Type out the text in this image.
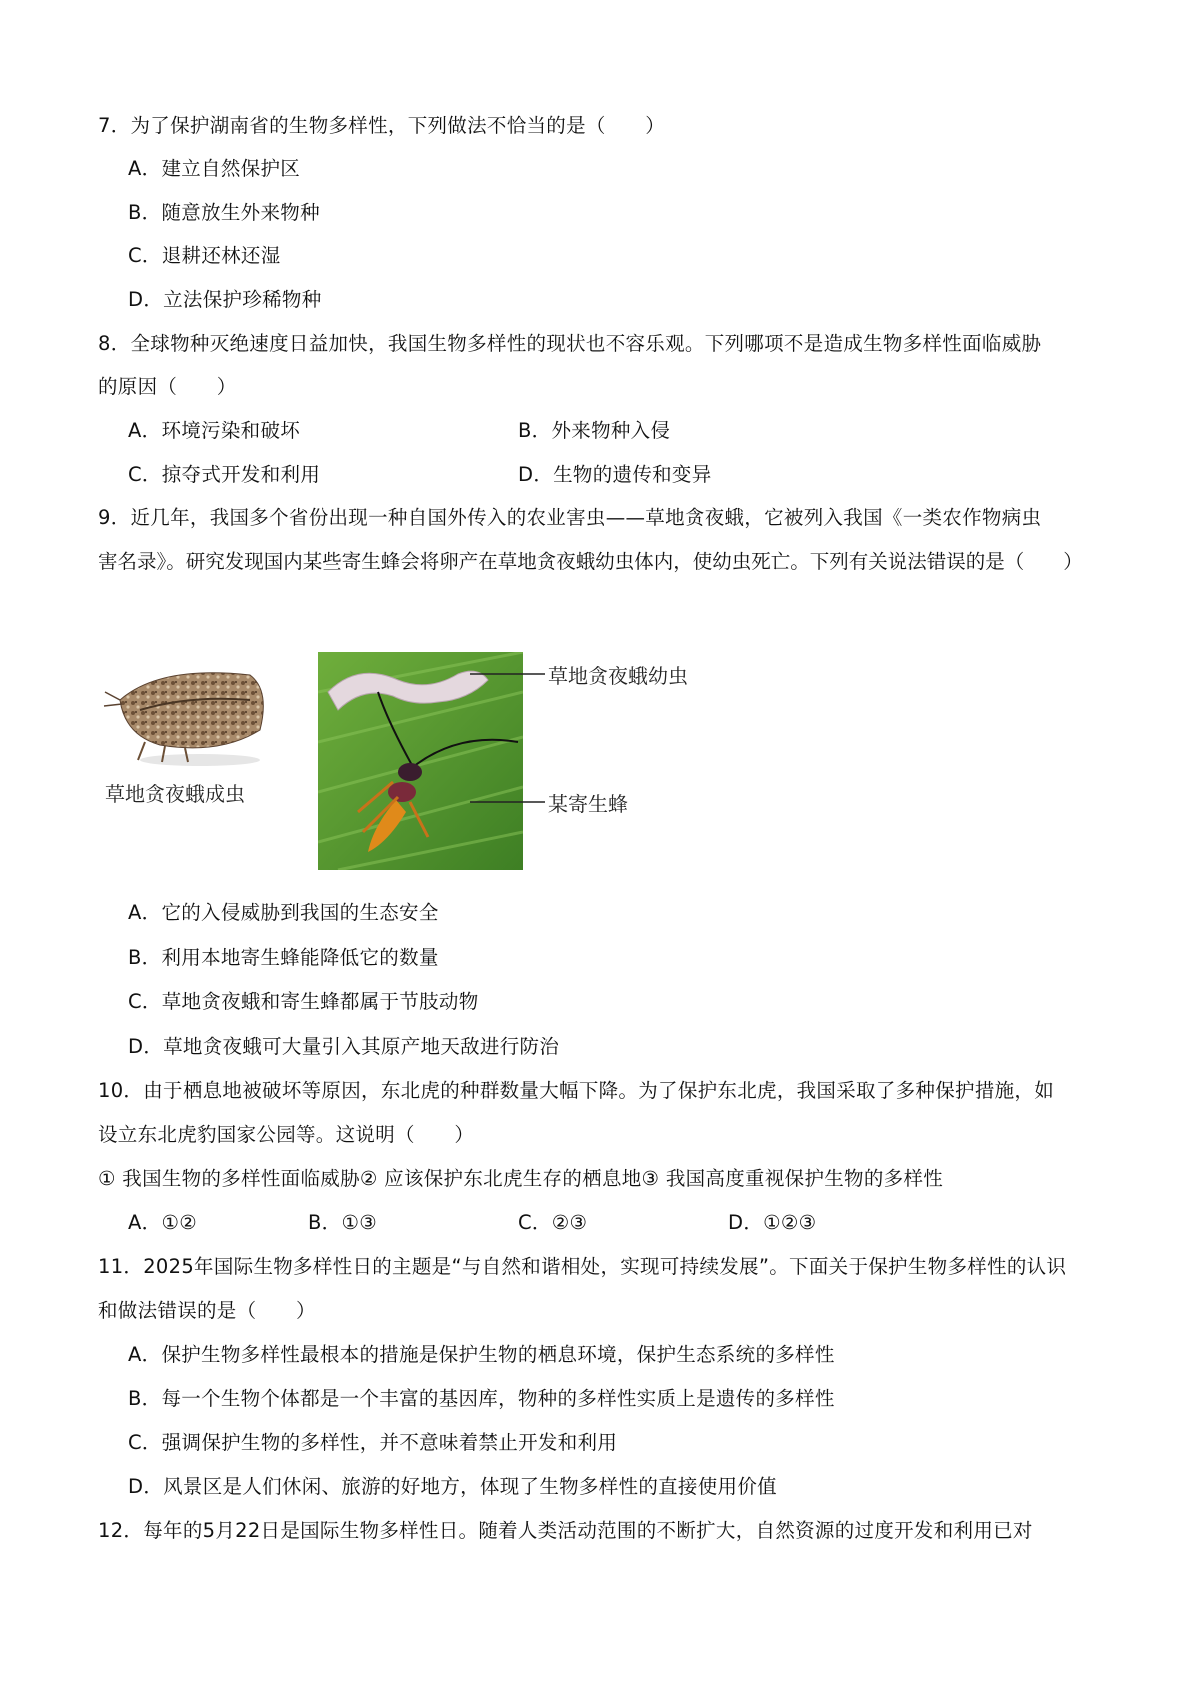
7．为了保护湖南省的生物多样性，下列做法不恰当的是（　　）
A．建立自然保护区
B．随意放生外来物种
C．退耕还林还湿
D．立法保护珍稀物种
8．全球物种灭绝速度日益加快，我国生物多样性的现状也不容乐观。下列哪项不是造成生物多样性面临威胁
的原因（　　）
A．环境污染和破坏	B．外来物种入侵
C．掠夺式开发和利用	D．生物的遗传和变异
9．近几年，我国多个省份出现一种自国外传入的农业害虫——草地贪夜蛾，它被列入我国《一类农作物病虫
害名录》。研究发现国内某些寄生蜂会将卵产在草地贪夜蛾幼虫体内，使幼虫死亡。下列有关说法错误的是（　　）
草地贪夜蛾成虫
草地贪夜蛾幼虫
某寄生蜂
A．它的入侵威胁到我国的生态安全
B．利用本地寄生蜂能降低它的数量
C．草地贪夜蛾和寄生蜂都属于节肢动物
D．草地贪夜蛾可大量引入其原产地天敌进行防治
10．由于栖息地被破坏等原因，东北虎的种群数量大幅下降。为了保护东北虎，我国采取了多种保护措施，如
设立东北虎豹国家公园等。这说明（　　）
① 我国生物的多样性面临威胁② 应该保护东北虎生存的栖息地③ 我国高度重视保护生物的多样性
A．①②	B．①③	C．②③	D．①②③
11．2025年国际生物多样性日的主题是“与自然和谐相处，实现可持续发展”。下面关于保护生物多样性的认识
和做法错误的是（　　）
A．保护生物多样性最根本的措施是保护生物的栖息环境，保护生态系统的多样性
B．每一个生物个体都是一个丰富的基因库，物种的多样性实质上是遗传的多样性
C．强调保护生物的多样性，并不意味着禁止开发和利用
D．风景区是人们休闲、旅游的好地方，体现了生物多样性的直接使用价值
12．每年的5月22日是国际生物多样性日。随着人类活动范围的不断扩大，自然资源的过度开发和利用已对
